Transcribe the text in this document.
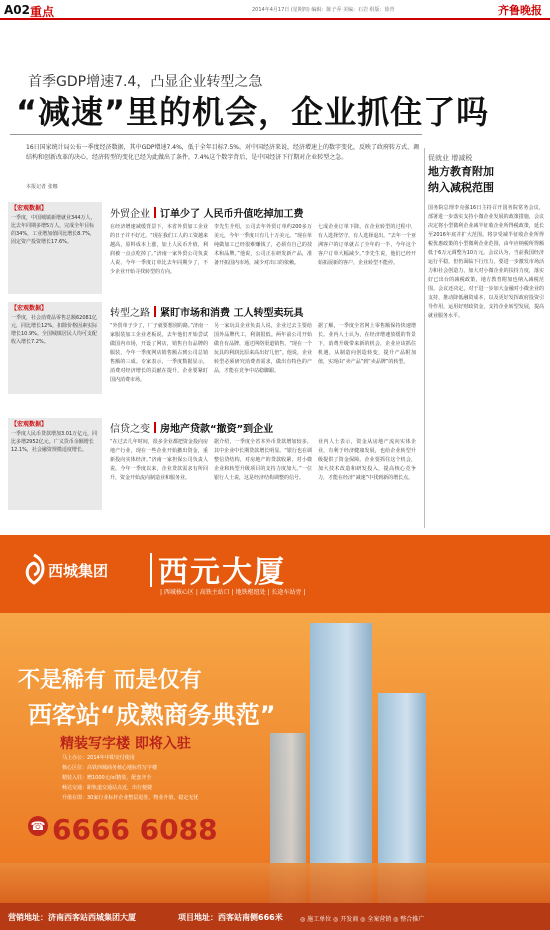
A02 重点	2014年4月17日 (星期四) 编辑：陈子乔 美编：石岩 组版：徐青	齐鲁晚报
首季GDP增速7.4，凸显企业转型之急
“减速”里的机会，企业抓住了吗
16日国家统计局公布一季度经济数据，其中GDP增速7.4%，低于全年目标7.5%。对中国经济来说，经济增速上的数字变化，反映了政府转方式、调结构和创新改革的决心，经济转型的变化已经为此做出了条件，7.4%这个数字背后，是中国经济下行期对企业转型之急。
本报记者 张娜
促就业 增减税
地方教育附加
纳入减税范围
国务院总理李克强16日主持召开国务院常务会议，部署进一步落实支持小微企业发展的政策措施，会议决定将小型微利企业减半征收企业所得税政策，延长至2016年底并扩大范围。将享受减半征收企业所得税优惠政策的小型微利企业范围，由年应纳税所得额低于6万元调整为10万元。会议认为，当前我国经济运行平稳，但仍面临下行压力，要进一步激发市场活力和社会创造力，加大对小微企业的扶持力度，落实好已出台的减税政策，地方教育附加也纳入减税范围。会议还决定，对于进一步加大金融对小微企业的支持，推动降低融资成本，以及更好发挥政府投资引导作用，运用好财政资金，支持企业转型发展，提高就业服务水平。
【宏观数据】
一季度，中国城镇新增就业344万人，比去年同期多增5万人，完成全年目标的34%，工业增加值同比增长8.7%，固定资产投资增长17.6%。
【宏观数据】
一季度，社会消费品零售总额62081亿元，同比增长12%，扣除价格因素实际增长10.9%。全国城镇居民人均可支配收入增长7.2%。
【宏观数据】
一季度人民币贷款增加3.01万亿元，同比多增2952亿元。广义货币余额增长12.1%，社会融资规模适度增长。
外贸企业 订单少了 人民币升值吃掉加工费
在经济增速减缓背景下，本省外贸加工企业的日子并不好过。“现在我们工人的工资越来越高，原料成本上涨，加上人民币升值，利润被一点点吃掉了。”济南一家外贸公司负责人说，今年一季度订单比去年同期少了，不少企业开始寻找转型的方向。
李先生介绍，公司去年外贸订单约200多万美元，今年一季度只有几十万美元。“现在单纯做加工已经很难赚钱了，必须有自己的技术和品牌。”他说，公司正在研发新产品，准备开拓国内市场，减少对出口的依赖。
七成企业订单下降。在企业转型的过程中，有人选择坚守，有人选择退出。“去年一个亚洲客户的订单就占了全年的一半，今年这个客户订单大幅减少。”李先生说，他们已经开始拓展新的客户，企业转型不能停。
转型之路 紧盯市场和消费 工人转型卖玩具
“外贸单子少了，厂子就要想别的路。”济南一家服装加工企业老板说，去年他们开始尝试做国内市场，开设了网店，销售自有品牌的服装，今年一季度网店销售额占到公司总销售额的三成。专家表示，一季度数据显示，消费对经济增长的贡献在提升，企业要紧盯国内消费市场。
另一家玩具企业负责人说，企业过去主要给国外品牌代工，利润很低。两年前公司开始做自有品牌，通过网络渠道销售，“现在一个玩具的利润比原来高出好几倍”。他说，企业转型必须研究消费者需求，做出有特色的产品，才能在竞争中站稳脚跟。
据了解，一季度全省网上零售额保持快速增长。业内人士认为，在经济增速放缓的背景下，消费升级带来新的机会，企业应该抓住机遇，从制造向创造转变，提升产品附加值，实现由“卖产品”到“卖品牌”的转型。
信贷之变 房地产贷款“撤资”到企业
“在过去几年时间，很多企业都把资金投向房地产行业，现在一些企业开始撤出资金，重新投向实体经济。”济南一家担保公司负责人说，今年一季度以来，企业贷款需求有所回升，资金开始流向制造业和服务业。
据介绍，一季度全省本外币贷款增加较多，其中企业中长期贷款增长明显。“银行也在调整信贷结构，对房地产的贷款收紧，对小微企业和转型升级项目的支持力度加大。”一位银行人士说，这是经济结构调整的信号。
业内人士表示，资金从房地产流向实体企业，有利于经济健康发展，也给企业转型升级提供了资金保障。企业要抓住这个机会，加大技术改造和研发投入，提高核心竞争力，才能在经济“减速”中找到新的增长点。
西城集团 西元大厦
| 西城核心区 | 高铁主站口 | 地铁枢纽处 | 长途车站旁 |
不是稀有 而是仅有
西客站“成熟商务典范”
精装写字楼 即将入驻
马上办公：2014年中即交付使用
核心区位：高铁西城商务核心地标性写字楼
精装入驻：赠1000元/㎡精装，配套齐全
畅达交通：距轨道交通站点近，出行便捷
升值在即：30家行业标杆企业整层进驻，物业升值，稳定无忧
☎ 6666 6088
营销地址：济南西客站西城集团大厦	项目地址：西客站南侧666米	◎ 施工单位 ◎ 开发商 ◎ 全案营销 ◎ 整合推广
